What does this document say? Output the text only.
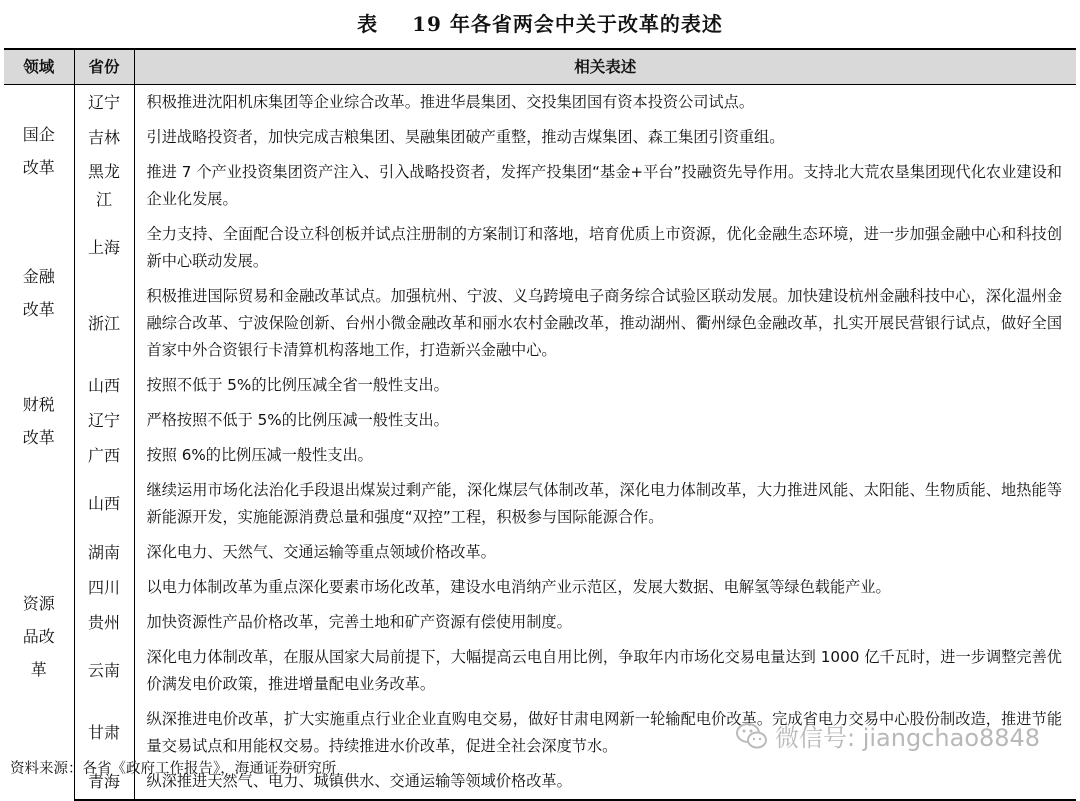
表 19 年各省两会中关于改革的表述
领域	省份	相关表述

国企改革	辽宁	积极推进沈阳机床集团等企业综合改革。推进华晨集团、交投集团国有资本投资公司试点。

	吉林	引进战略投资者，加快完成吉粮集团、昊融集团破产重整，推动吉煤集团、森工集团引资重组。

	黑龙江	推进 7 个产业投资集团资产注入、引入战略投资者，发挥产投集团“基金+平台”投融资先导作用。支持北大荒农垦集团现代化农业建设和企业化发展。

金融改革	上海	全力支持、全面配合设立科创板并试点注册制的方案制订和落地，培育优质上市资源，优化金融生态环境，进一步加强金融中心和科技创新中心联动发展。

	浙江	积极推进国际贸易和金融改革试点。加强杭州、宁波、义乌跨境电子商务综合试验区联动发展。加快建设杭州金融科技中心，深化温州金融综合改革、宁波保险创新、台州小微金融改革和丽水农村金融改革，推动湖州、衢州绿色金融改革，扎实开展民营银行试点，做好全国首家中外合资银行卡清算机构落地工作，打造新兴金融中心。

财税改革	山西	按照不低于 5%的比例压减全省一般性支出。

	辽宁	严格按照不低于 5%的比例压减一般性支出。

	广西	按照 6%的比例压减一般性支出。

资源品改革	山西	继续运用市场化法治化手段退出煤炭过剩产能，深化煤层气体制改革，深化电力体制改革，大力推进风能、太阳能、生物质能、地热能等新能源开发，实施能源消费总量和强度“双控”工程，积极参与国际能源合作。

	湖南	深化电力、天然气、交通运输等重点领域价格改革。

	四川	以电力体制改革为重点深化要素市场化改革，建设水电消纳产业示范区，发展大数据、电解氢等绿色载能产业。

	贵州	加快资源性产品价格改革，完善土地和矿产资源有偿使用制度。

	云南	深化电力体制改革，在服从国家大局前提下，大幅提高云电自用比例，争取年内市场化交易电量达到 1000 亿千瓦时，进一步调整完善优价满发电价政策，推进增量配电业务改革。

	甘肃	纵深推进电价改革，扩大实施重点行业企业直购电交易，做好甘肃电网新一轮输配电价改革。完成省电力交易中心股份制改造，推进节能量交易试点和用能权交易。持续推进水价改革，促进全社会深度节水。

	青海	纵深推进天然气、电力、城镇供水、交通运输等领域价格改革。
微信号: jiangchao8848
资料来源：各省《政府工作报告》，海通证券研究所
